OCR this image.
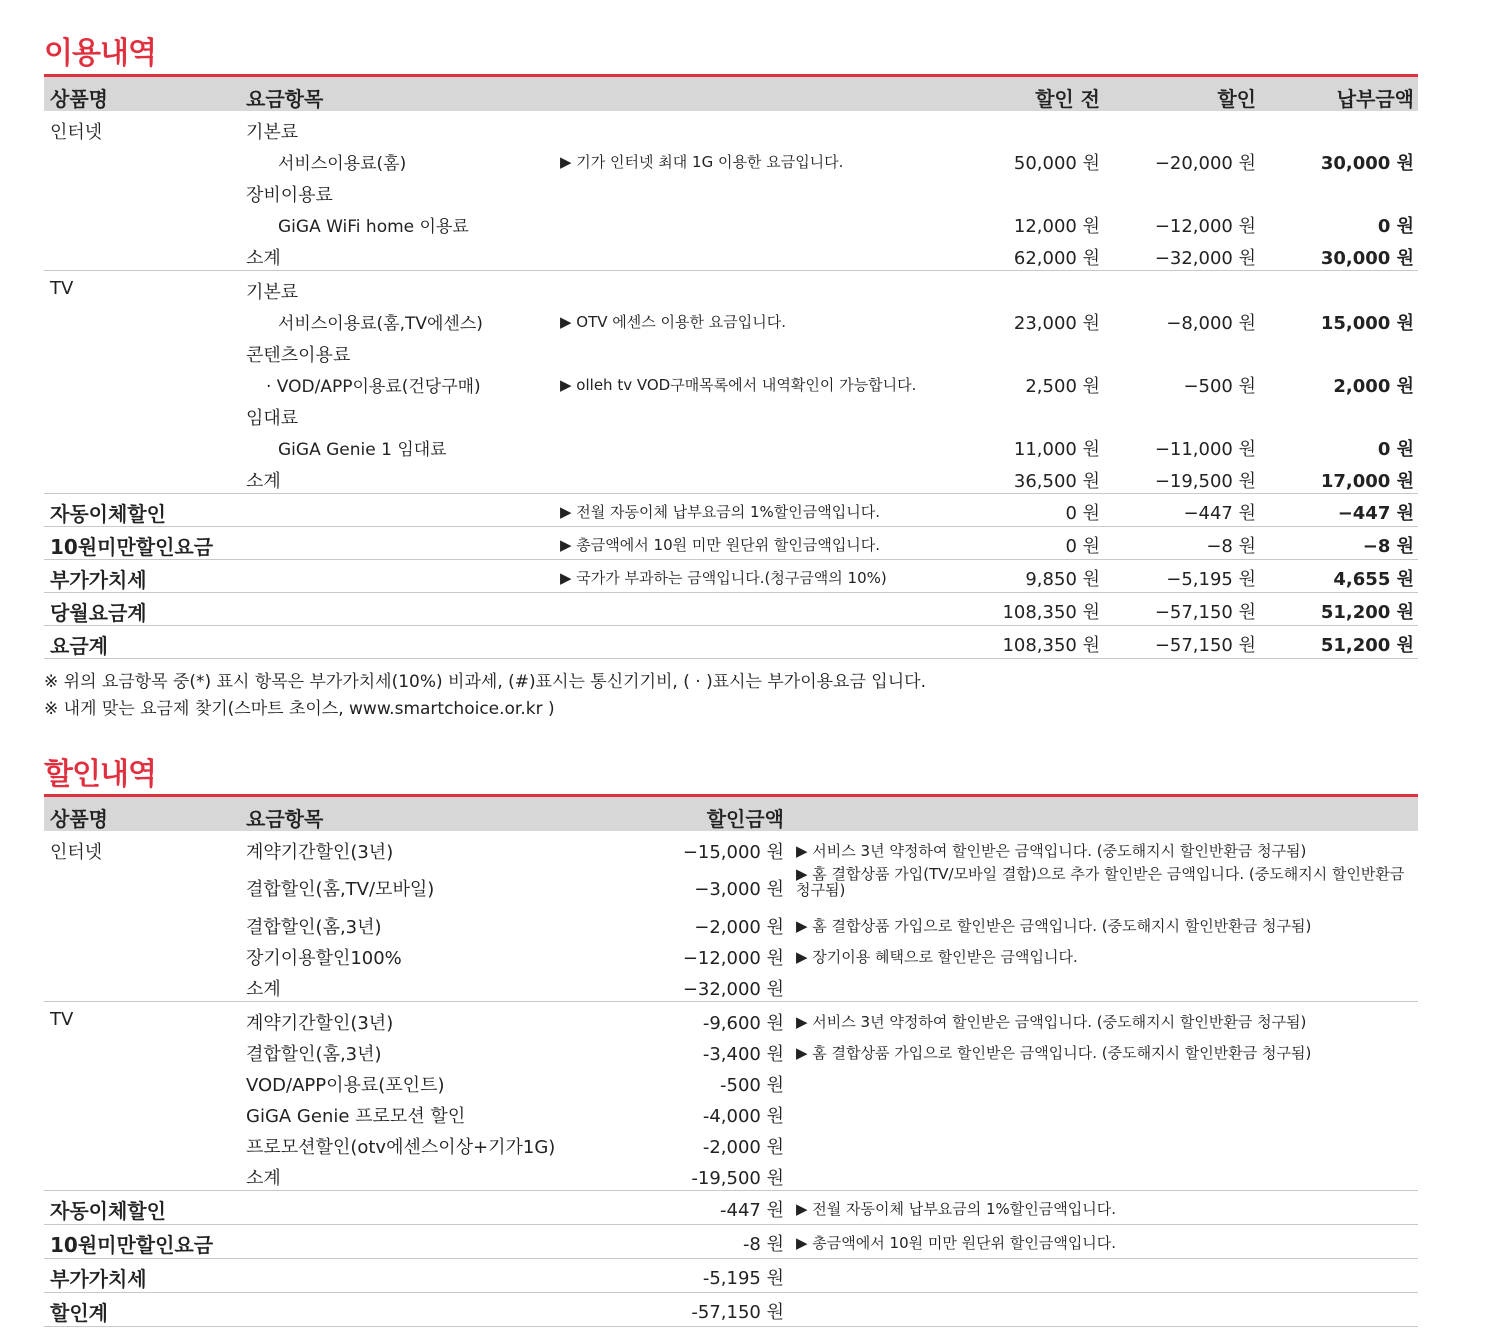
이용내역
상품명	요금항목	할인 전	할인	납부금액
인터넷	기본료
서비스이용료(홈)	▶ 기가 인터넷 최대 1G 이용한 요금입니다.	50,000 원	−20,000 원	30,000 원
장비이용료
GiGA WiFi home 이용료	12,000 원	−12,000 원	0 원
소계	62,000 원	−32,000 원	30,000 원
TV	기본료
서비스이용료(홈,TV에센스)	▶ OTV 에센스 이용한 요금입니다.	23,000 원	−8,000 원	15,000 원
콘텐츠이용료
· VOD/APP이용료(건당구매)	▶ olleh tv VOD구매목록에서 내역확인이 가능합니다.	2,500 원	−500 원	2,000 원
임대료
GiGA Genie 1 임대료	11,000 원	−11,000 원	0 원
소계	36,500 원	−19,500 원	17,000 원
자동이체할인	▶ 전월 자동이체 납부요금의 1%할인금액입니다.	0 원	−447 원	−447 원
10원미만할인요금	▶ 총금액에서 10원 미만 원단위 할인금액입니다.	0 원	−8 원	−8 원
부가가치세	▶ 국가가 부과하는 금액입니다.(청구금액의 10%)	9,850 원	−5,195 원	4,655 원
당월요금계	108,350 원	−57,150 원	51,200 원
요금계	108,350 원	−57,150 원	51,200 원
※ 위의 요금항목 중(*) 표시 항목은 부가가치세(10%) 비과세, (#)표시는 통신기기비, ( · )표시는 부가이용요금 입니다.
※ 내게 맞는 요금제 찾기(스마트 초이스, www.smartchoice.or.kr )
할인내역
상품명	요금항목	할인금액
인터넷	계약기간할인(3년)	−15,000 원 ▶ 서비스 3년 약정하여 할인받은 금액입니다. (중도해지시 할인반환금 청구됨)
결합할인(홈,TV/모바일)	−3,000 원
▶ 홈 결합상품 가입(TV/모바일 결합)으로 추가 할인받은 금액입니다. (중도해지시 할인반환금 청구됨)
결합할인(홈,3년)	−2,000 원 ▶ 홈 결합상품 가입으로 할인받은 금액입니다. (중도해지시 할인반환금 청구됨)
장기이용할인100%	−12,000 원 ▶ 장기이용 혜택으로 할인받은 금액입니다.
소계	−32,000 원
TV	계약기간할인(3년)	-9,600 원 ▶ 서비스 3년 약정하여 할인받은 금액입니다. (중도해지시 할인반환금 청구됨)
결합할인(홈,3년)	-3,400 원 ▶ 홈 결합상품 가입으로 할인받은 금액입니다. (중도해지시 할인반환금 청구됨)
VOD/APP이용료(포인트)	-500 원
GiGA Genie 프로모션 할인	-4,000 원
프로모션할인(otv에센스이상+기가1G)	-2,000 원
소계	-19,500 원
자동이체할인	-447 원 ▶ 전월 자동이체 납부요금의 1%할인금액입니다.
10원미만할인요금	-8 원 ▶ 총금액에서 10원 미만 원단위 할인금액입니다.
부가가치세	-5,195 원
할인계	-57,150 원
